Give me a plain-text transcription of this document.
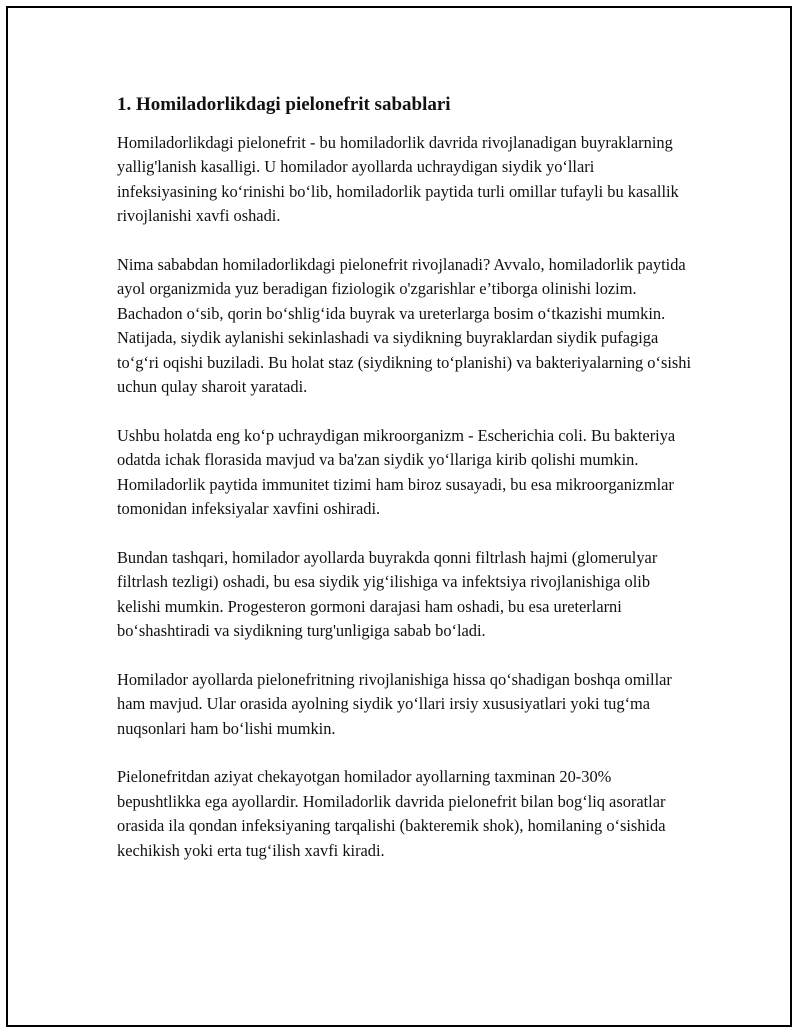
1. Homiladorlikdagi pielonefrit sabablari

Homiladorlikdagi pielonefrit - bu homiladorlik davrida rivojlanadigan buyraklarning yallig'lanish kasalligi. U homilador ayollarda uchraydigan siydik yo‘llari infeksiyasining ko‘rinishi bo‘lib, homiladorlik paytida turli omillar tufayli bu kasallik rivojlanishi xavfi oshadi.

Nima sababdan homiladorlikdagi pielonefrit rivojlanadi? Avvalo, homiladorlik paytida ayol organizmida yuz beradigan fiziologik o'zgarishlar e’tiborga olinishi lozim. Bachadon o‘sib, qorin bo‘shlig‘ida buyrak va ureterlarga bosim o‘tkazishi mumkin. Natijada, siydik aylanishi sekinlashadi va siydikning buyraklardan siydik pufagiga to‘g‘ri oqishi buziladi. Bu holat staz (siydikning to‘planishi) va bakteriyalarning o‘sishi uchun qulay sharoit yaratadi.

Ushbu holatda eng ko‘p uchraydigan mikroorganizm - Escherichia coli. Bu bakteriya odatda ichak florasida mavjud va ba'zan siydik yo‘llariga kirib qolishi mumkin. Homiladorlik paytida immunitet tizimi ham biroz susayadi, bu esa mikroorganizmlar tomonidan infeksiyalar xavfini oshiradi.

Bundan tashqari, homilador ayollarda buyrakda qonni filtrlash hajmi (glomerulyar filtrlash tezligi) oshadi, bu esa siydik yig‘ilishiga va infektsiya rivojlanishiga olib kelishi mumkin. Progesteron gormoni darajasi ham oshadi, bu esa ureterlarni bo‘shashtiradi va siydikning turg'unligiga sabab bo‘ladi.

Homilador ayollarda pielonefritning rivojlanishiga hissa qo‘shadigan boshqa omillar ham mavjud. Ular orasida ayolning siydik yo‘llari irsiy xususiyatlari yoki tug‘ma nuqsonlari ham bo‘lishi mumkin.

Pielonefritdan aziyat chekayotgan homilador ayollarning taxminan 20-30% bepushtlikka ega ayollardir. Homiladorlik davrida pielonefrit bilan bog‘liq asoratlar orasida ila qondan infeksiyaning tarqalishi (bakteremik shok), homilaning o‘sishida kechikish yoki erta tug‘ilish xavfi kiradi.
